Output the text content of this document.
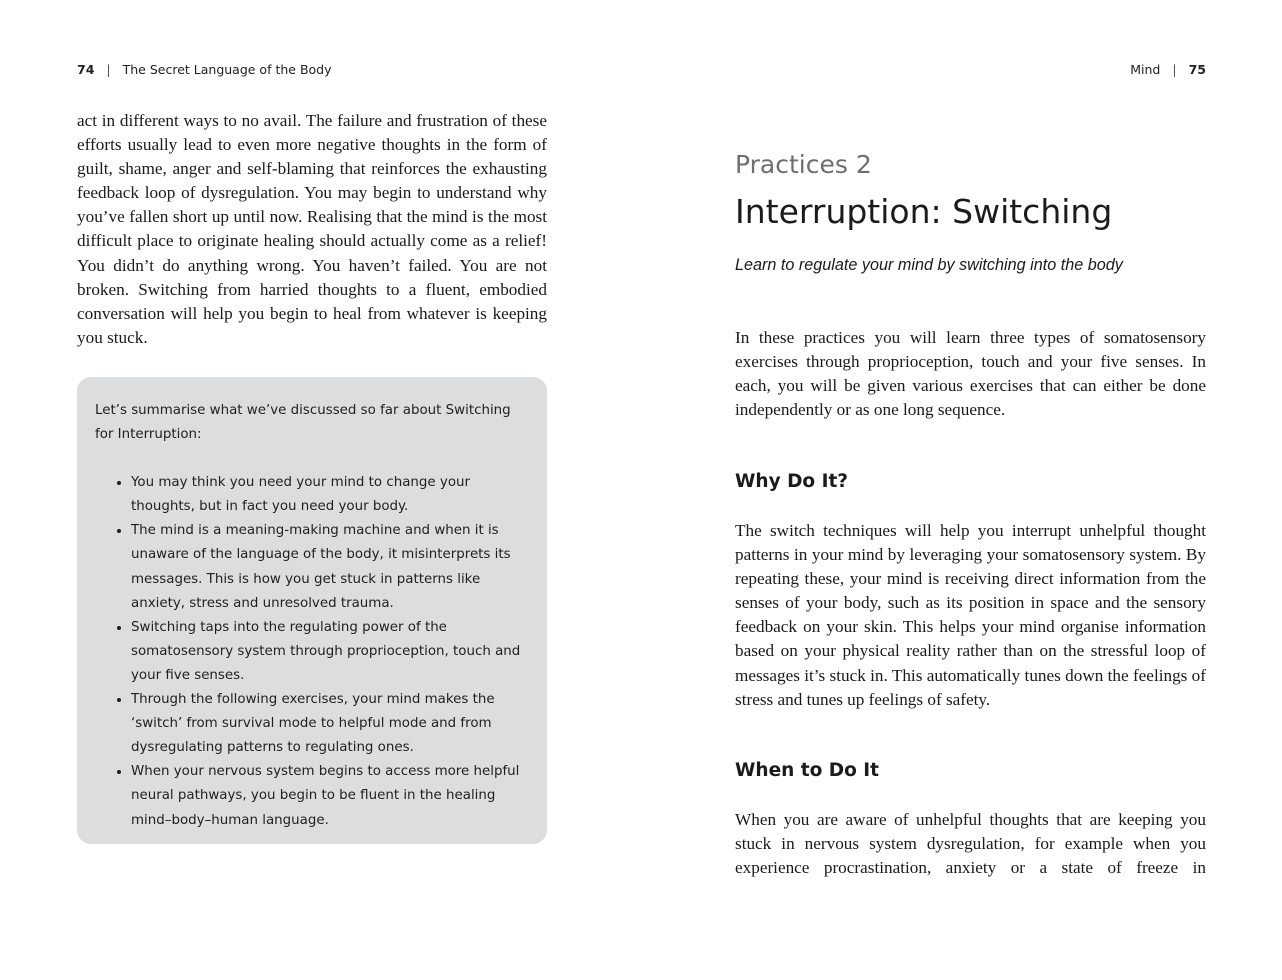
74 | The Secret Language of the Body

act in different ways to no avail. The failure and frustration of these efforts usually lead to even more negative thoughts in the form of guilt, shame, anger and self-blaming that reinforces the exhausting feedback loop of dysregulation. You may begin to understand why you’ve fallen short up until now. Realising that the mind is the most difficult place to originate healing should actually come as a relief! You didn’t do anything wrong. You haven’t failed. You are not broken. Switching from harried thoughts to a fluent, embodied conversation will help you begin to heal from whatever is keeping you stuck.

Let’s summarise what we’ve discussed so far about Switching for Interruption:

• You may think you need your mind to change your thoughts, but in fact you need your body.
• The mind is a meaning-making machine and when it is unaware of the language of the body, it misinterprets its messages. This is how you get stuck in patterns like anxiety, stress and unresolved trauma.
• Switching taps into the regulating power of the somatosensory system through proprioception, touch and your five senses.
• Through the following exercises, your mind makes the ‘switch’ from survival mode to helpful mode and from dysregulating patterns to regulating ones.
• When your nervous system begins to access more helpful neural pathways, you begin to be fluent in the healing mind–body–human language.
Mind | 75
Practices 2
Interruption: Switching
Learn to regulate your mind by switching into the body

In these practices you will learn three types of somatosensory exercises through proprioception, touch and your five senses. In each, you will be given various exercises that can either be done independently or as one long sequence.

Why Do It?

The switch techniques will help you interrupt unhelpful thought patterns in your mind by leveraging your somatosensory system. By repeating these, your mind is receiving direct information from the senses of your body, such as its position in space and the sensory feedback on your skin. This helps your mind organise information based on your physical reality rather than on the stressful loop of messages it’s stuck in. This automatically tunes down the feelings of stress and tunes up feelings of safety.

When to Do It

When you are aware of unhelpful thoughts that are keeping you stuck in nervous system dysregulation, for example when you experience procrastination, anxiety or a state of freeze in
